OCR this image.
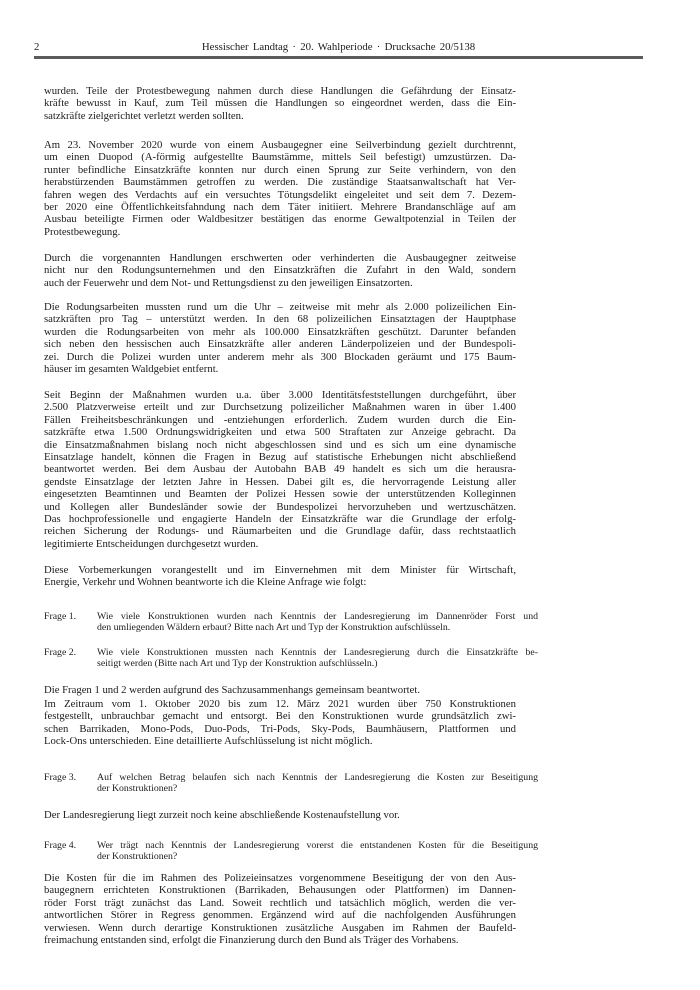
2	Hessischer Landtag · 20. Wahlperiode · Drucksache 20/5138
wurden. Teile der Protestbewegung nahmen durch diese Handlungen die Gefährdung der Einsatz-
kräfte bewusst in Kauf, zum Teil müssen die Handlungen so eingeordnet werden, dass die Ein-
satzkräfte zielgerichtet verletzt werden sollten.
Am 23. November 2020 wurde von einem Ausbaugegner eine Seilverbindung gezielt durchtrennt,
um einen Duopod (A-förmig aufgestellte Baumstämme, mittels Seil befestigt) umzustürzen. Da-
runter befindliche Einsatzkräfte konnten nur durch einen Sprung zur Seite verhindern, von den
herabstürzenden Baumstämmen getroffen zu werden. Die zuständige Staatsanwaltschaft hat Ver-
fahren wegen des Verdachts auf ein versuchtes Tötungsdelikt eingeleitet und seit dem 7. Dezem-
ber 2020 eine Öffentlichkeitsfahndung nach dem Täter initiiert. Mehrere Brandanschläge auf am
Ausbau beteiligte Firmen oder Waldbesitzer bestätigen das enorme Gewaltpotenzial in Teilen der
Protestbewegung.
Durch die vorgenannten Handlungen erschwerten oder verhinderten die Ausbaugegner zeitweise
nicht nur den Rodungsunternehmen und den Einsatzkräften die Zufahrt in den Wald, sondern
auch der Feuerwehr und dem Not- und Rettungsdienst zu den jeweiligen Einsatzorten.
Die Rodungsarbeiten mussten rund um die Uhr – zeitweise mit mehr als 2.000 polizeilichen Ein-
satzkräften pro Tag – unterstützt werden. In den 68 polizeilichen Einsatztagen der Hauptphase
wurden die Rodungsarbeiten von mehr als 100.000 Einsatzkräften geschützt. Darunter befanden
sich neben den hessischen auch Einsatzkräfte aller anderen Länderpolizeien und der Bundespoli-
zei. Durch die Polizei wurden unter anderem mehr als 300 Blockaden geräumt und 175 Baum-
häuser im gesamten Waldgebiet entfernt.
Seit Beginn der Maßnahmen wurden u.a. über 3.000 Identitätsfeststellungen durchgeführt, über
2.500 Platzverweise erteilt und zur Durchsetzung polizeilicher Maßnahmen waren in über 1.400
Fällen Freiheitsbeschränkungen und -entziehungen erforderlich. Zudem wurden durch die Ein-
satzkräfte etwa 1.500 Ordnungswidrigkeiten und etwa 500 Straftaten zur Anzeige gebracht. Da
die Einsatzmaßnahmen bislang noch nicht abgeschlossen sind und es sich um eine dynamische
Einsatzlage handelt, können die Fragen in Bezug auf statistische Erhebungen nicht abschließend
beantwortet werden. Bei dem Ausbau der Autobahn BAB 49 handelt es sich um die herausra-
gendste Einsatzlage der letzten Jahre in Hessen. Dabei gilt es, die hervorragende Leistung aller
eingesetzten Beamtinnen und Beamten der Polizei Hessen sowie der unterstützenden Kolleginnen
und Kollegen aller Bundesländer sowie der Bundespolizei hervorzuheben und wertzuschätzen.
Das hochprofessionelle und engagierte Handeln der Einsatzkräfte war die Grundlage der erfolg-
reichen Sicherung der Rodungs- und Räumarbeiten und die Grundlage dafür, dass rechtstaatlich
legitimierte Entscheidungen durchgesetzt wurden.
Diese Vorbemerkungen vorangestellt und im Einvernehmen mit dem Minister für Wirtschaft,
Energie, Verkehr und Wohnen beantworte ich die Kleine Anfrage wie folgt:
Frage 1. Wie viele Konstruktionen wurden nach Kenntnis der Landesregierung im Dannenröder Forst und
den umliegenden Wäldern erbaut? Bitte nach Art und Typ der Konstruktion aufschlüsseln.
Frage 2. Wie viele Konstruktionen mussten nach Kenntnis der Landesregierung durch die Einsatzkräfte be-
seitigt werden (Bitte nach Art und Typ der Konstruktion aufschlüsseln.)
Die Fragen 1 und 2 werden aufgrund des Sachzusammenhangs gemeinsam beantwortet.
Im Zeitraum vom 1. Oktober 2020 bis zum 12. März 2021 wurden über 750 Konstruktionen
festgestellt, unbrauchbar gemacht und entsorgt. Bei den Konstruktionen wurde grundsätzlich zwi-
schen Barrikaden, Mono-Pods, Duo-Pods, Tri-Pods, Sky-Pods, Baumhäusern, Plattformen und
Lock-Ons unterschieden. Eine detaillierte Aufschlüsselung ist nicht möglich.
Frage 3. Auf welchen Betrag belaufen sich nach Kenntnis der Landesregierung die Kosten zur Beseitigung
der Konstruktionen?
Der Landesregierung liegt zurzeit noch keine abschließende Kostenaufstellung vor.
Frage 4. Wer trägt nach Kenntnis der Landesregierung vorerst die entstandenen Kosten für die Beseitigung
der Konstruktionen?
Die Kosten für die im Rahmen des Polizeieinsatzes vorgenommene Beseitigung der von den Aus-
baugegnern errichteten Konstruktionen (Barrikaden, Behausungen oder Plattformen) im Dannen-
röder Forst trägt zunächst das Land. Soweit rechtlich und tatsächlich möglich, werden die ver-
antwortlichen Störer in Regress genommen. Ergänzend wird auf die nachfolgenden Ausführungen
verwiesen. Wenn durch derartige Konstruktionen zusätzliche Ausgaben im Rahmen der Baufeld-
freimachung entstanden sind, erfolgt die Finanzierung durch den Bund als Träger des Vorhabens.
